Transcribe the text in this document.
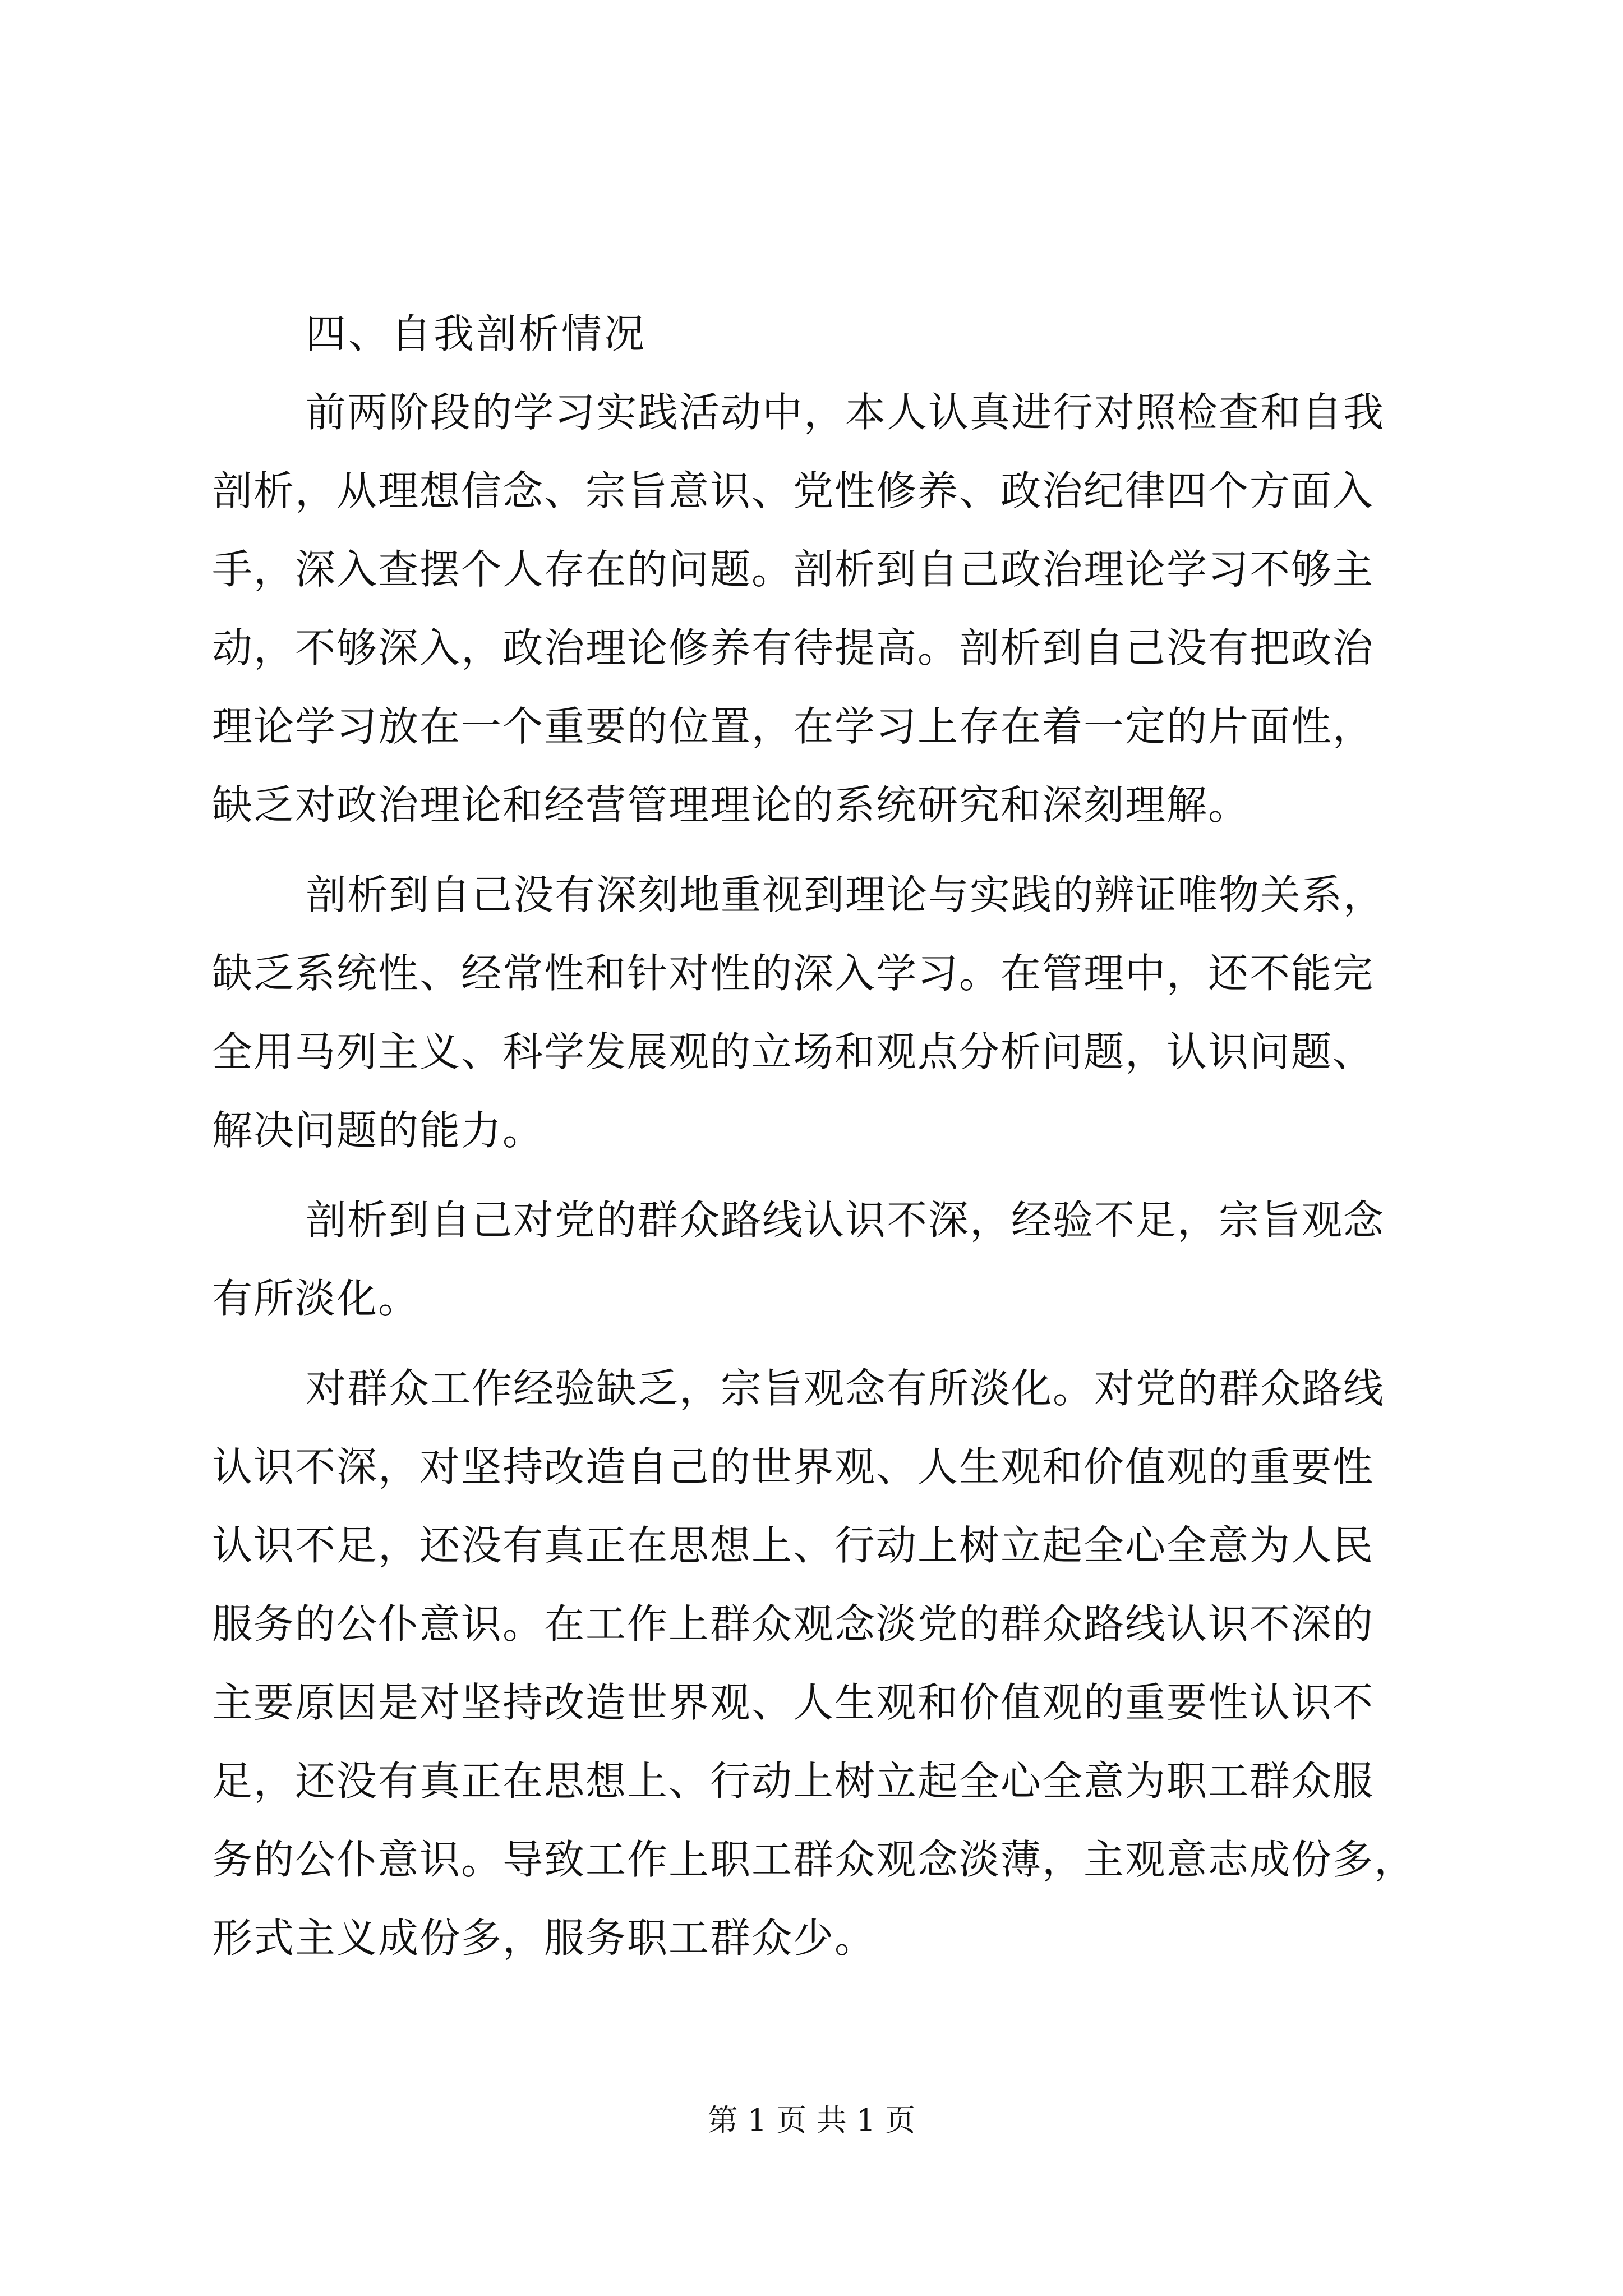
四、自我剖析情况
前两阶段的学习实践活动中，本人认真进行对照检查和自我
剖析，从理想信念、宗旨意识、党性修养、政治纪律四个方面入
手，深入查摆个人存在的问题。剖析到自己政治理论学习不够主
动，不够深入，政治理论修养有待提高。剖析到自己没有把政治
理论学习放在一个重要的位置，在学习上存在着一定的片面性，
缺乏对政治理论和经营管理理论的系统研究和深刻理解。
剖析到自己没有深刻地重视到理论与实践的辨证唯物关系，
缺乏系统性、经常性和针对性的深入学习。在管理中，还不能完
全用马列主义、科学发展观的立场和观点分析问题，认识问题、
解决问题的能力。
剖析到自己对党的群众路线认识不深，经验不足，宗旨观念
有所淡化。
对群众工作经验缺乏，宗旨观念有所淡化。对党的群众路线
认识不深，对坚持改造自己的世界观、人生观和价值观的重要性
认识不足，还没有真正在思想上、行动上树立起全心全意为人民
服务的公仆意识。在工作上群众观念淡党的群众路线认识不深的
主要原因是对坚持改造世界观、人生观和价值观的重要性认识不
足，还没有真正在思想上、行动上树立起全心全意为职工群众服
务的公仆意识。导致工作上职工群众观念淡薄，主观意志成份多，
形式主义成份多，服务职工群众少。
第 1 页 共 1 页
